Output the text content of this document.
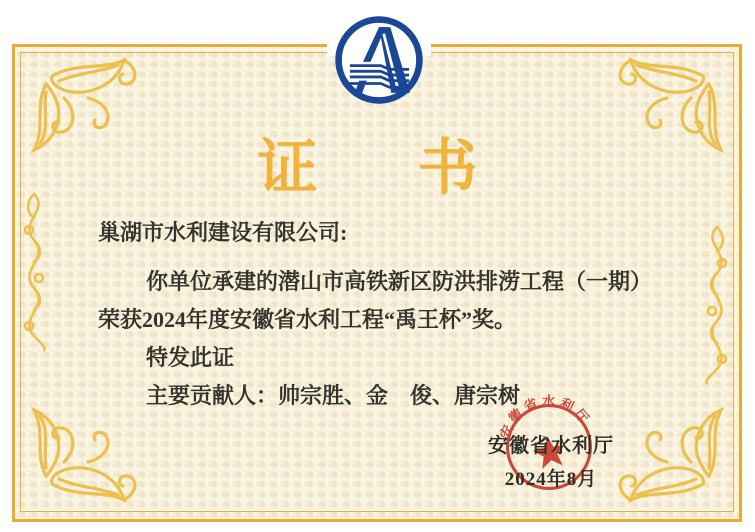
证　书
巢湖市水利建设有限公司:
你单位承建的潜山市高铁新区防洪排涝工程（一期）
荣获2024年度安徽省水利工程“禹王杯”奖。
特发此证
主要贡献人：帅宗胜、金　俊、唐宗树
安徽省水利厅
安徽省水利厅
2024年8月
